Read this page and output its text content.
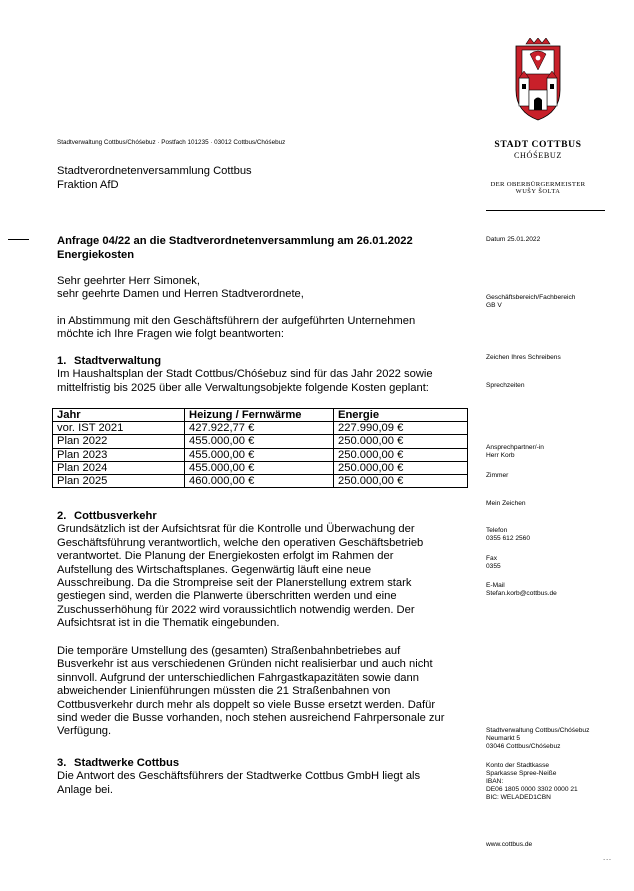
Stadtverwaltung Cottbus/Chóśebuz · Postfach 101235 · 03012 Cottbus/Chóśebuz
Stadtverordnetenversammlung Cottbus
Fraktion AfD
Anfrage 04/22 an die Stadtverordnetenversammlung am 26.01.2022
Energiekosten
Sehr geehrter Herr Simonek,
sehr geehrte Damen und Herren Stadtverordnete,
in Abstimmung mit den Geschäftsführern der aufgeführten Unternehmen
möchte ich Ihre Fragen wie folgt beantworten:
1. Stadtverwaltung
Im Haushaltsplan der Stadt Cottbus/Chóśebuz sind für das Jahr 2022 sowie
mittelfristig bis 2025 über alle Verwaltungsobjekte folgende Kosten geplant:
Jahr	Heizung / Fernwärme	Energie
vor. IST 2021	427.922,77 €	227.990,09 €
Plan 2022	455.000,00 €	250.000,00 €
Plan 2023	455.000,00 €	250.000,00 €
Plan 2024	455.000,00 €	250.000,00 €
Plan 2025	460.000,00 €	250.000,00 €
2. Cottbusverkehr
Grundsätzlich ist der Aufsichtsrat für die Kontrolle und Überwachung der
Geschäftsführung verantwortlich, welche den operativen Geschäftsbetrieb
verantwortet. Die Planung der Energiekosten erfolgt im Rahmen der
Aufstellung des Wirtschaftsplanes. Gegenwärtig läuft eine neue
Ausschreibung. Da die Strompreise seit der Planerstellung extrem stark
gestiegen sind, werden die Planwerte überschritten werden und eine
Zuschusserhöhung für 2022 wird voraussichtlich notwendig werden. Der
Aufsichtsrat ist in die Thematik eingebunden.
Die temporäre Umstellung des (gesamten) Straßenbahnbetriebes auf
Busverkehr ist aus verschiedenen Gründen nicht realisierbar und auch nicht
sinnvoll. Aufgrund der unterschiedlichen Fahrgastkapazitäten sowie dann
abweichender Linienführungen müssten die 21 Straßenbahnen von
Cottbusverkehr durch mehr als doppelt so viele Busse ersetzt werden. Dafür
sind weder die Busse vorhanden, noch stehen ausreichend Fahrpersonale zur
Verfügung.
3. Stadtwerke Cottbus
Die Antwort des Geschäftsführers der Stadtwerke Cottbus GmbH liegt als
Anlage bei.
STADT COTTBUS
CHÓŚEBUZ
DER OBERBÜRGERMEISTER
WUŠY ŠOLTA
Datum 25.01.2022
Geschäftsbereich/Fachbereich
GB V
Zeichen Ihres Schreibens
Sprechzeiten
Ansprechpartner/-in
Herr Korb
Zimmer
Mein Zeichen
Telefon
0355 612 2560
Fax
0355
E-Mail
Stefan.korb@cottbus.de
Stadtverwaltung Cottbus/Chóśebuz
Neumarkt 5
03046 Cottbus/Chóśebuz
Konto der Stadtkasse
Sparkasse Spree-Neiße
IBAN:
DE06 1805 0000 3302 0000 21
BIC: WELADED1CBN
www.cottbus.de
...
